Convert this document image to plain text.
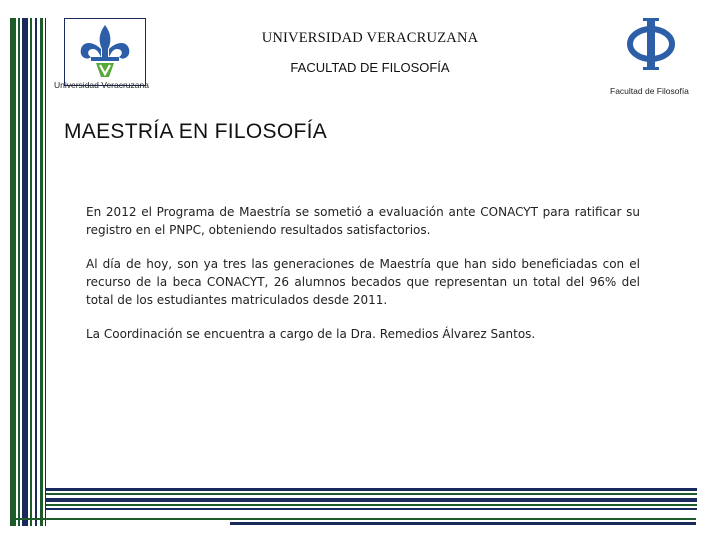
Universidad Veracruzana
UNIVERSIDAD VERACRUZANA
FACULTAD DE FILOSOFÍA
Facultad de Filosofía
MAESTRÍA EN FILOSOFÍA

En 2012 el Programa de Maestría se sometió a evaluación ante CONACYT para ratificar su registro en el PNPC, obteniendo resultados satisfactorios.

Al día de hoy, son ya tres las generaciones de Maestría que han sido beneficiadas con el recurso de la beca CONACYT, 26 alumnos becados que representan un total del 96% del total de los estudiantes matriculados desde 2011.

La Coordinación se encuentra a cargo de la Dra. Remedios Álvarez Santos.
